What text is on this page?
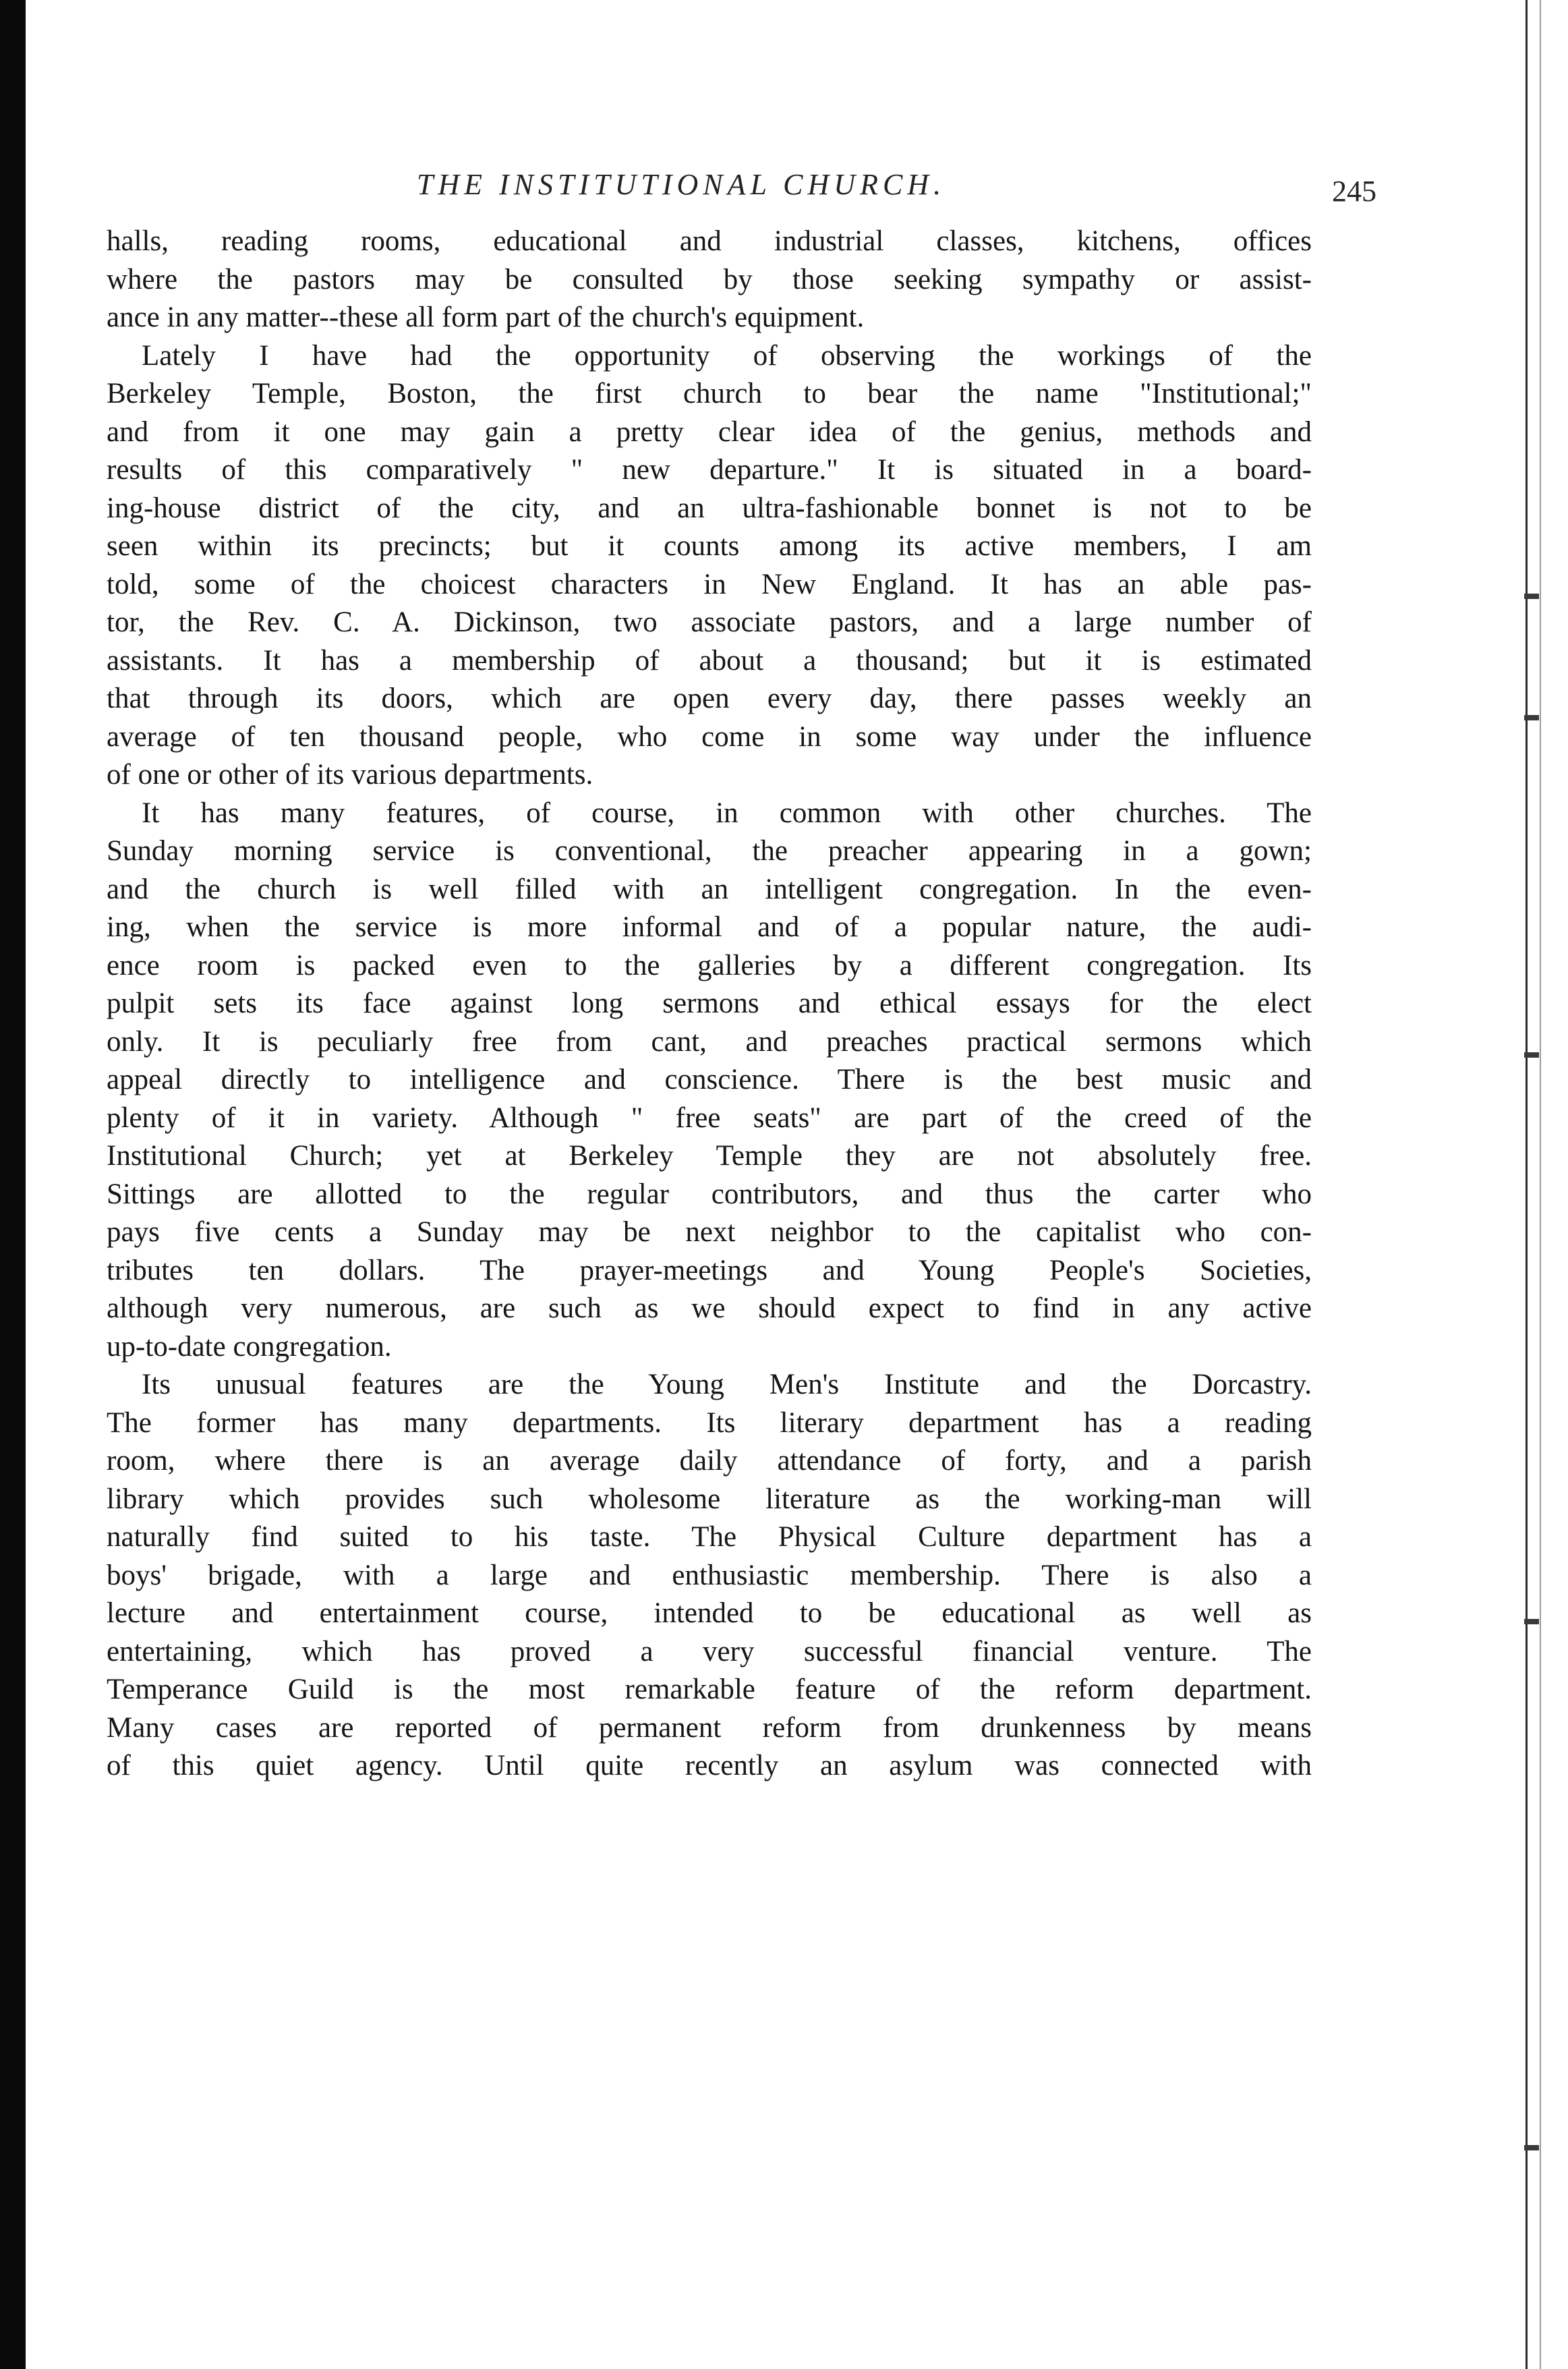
THE INSTITUTIONAL CHURCH.	245
halls, reading rooms, educational and industrial classes, kitchens, offices
where the pastors may be consulted by those seeking sympathy or assist-
ance in any matter--these all form part of the church's equipment.
Lately I have had the opportunity of observing the workings of the
Berkeley Temple, Boston, the first church to bear the name "Institutional;"
and from it one may gain a pretty clear idea of the genius, methods and
results of this comparatively " new departure." It is situated in a board-
ing-house district of the city, and an ultra-fashionable bonnet is not to be
seen within its precincts; but it counts among its active members, I am
told, some of the choicest characters in New England. It has an able pas-
tor, the Rev. C. A. Dickinson, two associate pastors, and a large number of
assistants. It has a membership of about a thousand; but it is estimated
that through its doors, which are open every day, there passes weekly an
average of ten thousand people, who come in some way under the influence
of one or other of its various departments.
It has many features, of course, in common with other churches. The
Sunday morning service is conventional, the preacher appearing in a gown;
and the church is well filled with an intelligent congregation. In the even-
ing, when the service is more informal and of a popular nature, the audi-
ence room is packed even to the galleries by a different congregation. Its
pulpit sets its face against long sermons and ethical essays for the elect
only. It is peculiarly free from cant, and preaches practical sermons which
appeal directly to intelligence and conscience. There is the best music and
plenty of it in variety. Although " free seats" are part of the creed of the
Institutional Church; yet at Berkeley Temple they are not absolutely free.
Sittings are allotted to the regular contributors, and thus the carter who
pays five cents a Sunday may be next neighbor to the capitalist who con-
tributes ten dollars. The prayer-meetings and Young People's Societies,
although very numerous, are such as we should expect to find in any active
up-to-date congregation.
Its unusual features are the Young Men's Institute and the Dorcastry.
The former has many departments. Its literary department has a reading
room, where there is an average daily attendance of forty, and a parish
library which provides such wholesome literature as the working-man will
naturally find suited to his taste. The Physical Culture department has a
boys' brigade, with a large and enthusiastic membership. There is also a
lecture and entertainment course, intended to be educational as well as
entertaining, which has proved a very successful financial venture. The
Temperance Guild is the most remarkable feature of the reform department.
Many cases are reported of permanent reform from drunkenness by means
of this quiet agency. Until quite recently an asylum was connected with
